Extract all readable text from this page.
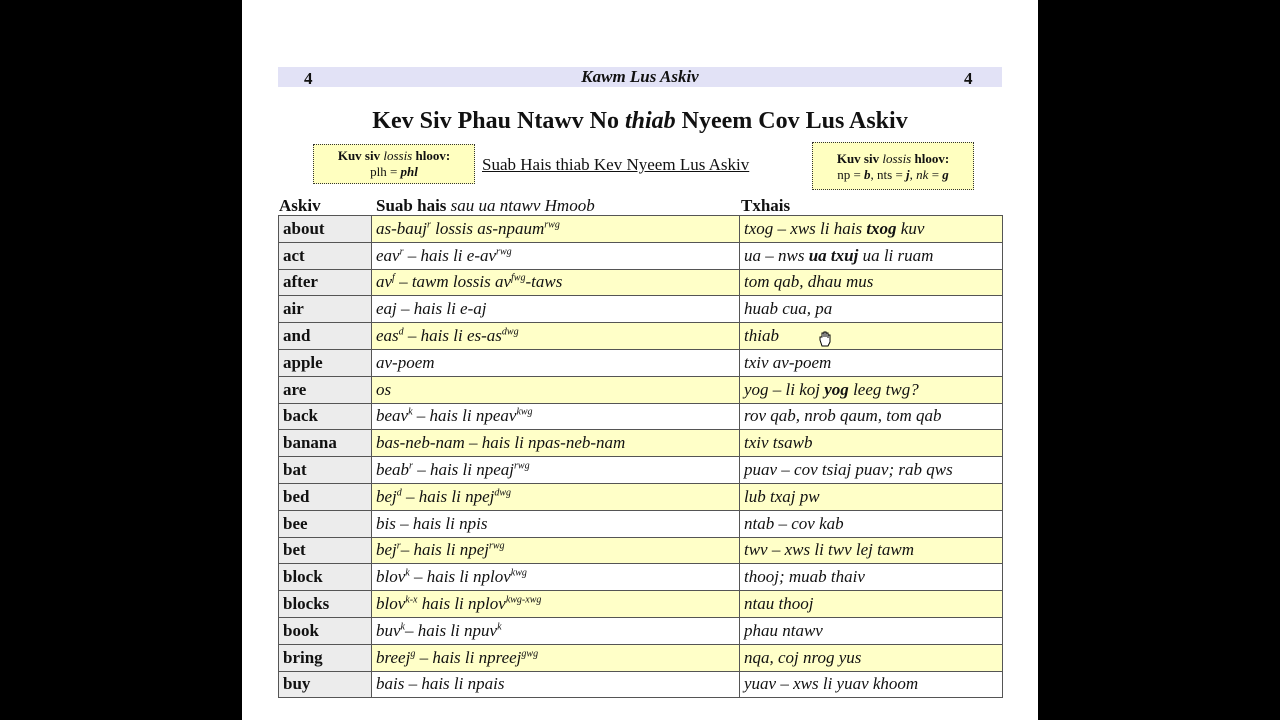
4	Kawm Lus Askiv	4
Kev Siv Phau Ntawv No thiab Nyeem Cov Lus Askiv
Kuv siv lossis hloov:
plh = phl	Suab Hais thiab Kev Nyeem Lus Askiv	Kuv siv lossis hloov:
np = b, nts = j, nk = g
Askiv	Suab hais sau ua ntawv Hmoob	Txhais
about	as-bauj$^r$ lossis as-npaum$^{rwg}$	txog – xws li hais txog kuv
act	eav$^r$ – hais li $e-av^{rwg}$	ua – nws ua txuj ua li ruam
after	$av^f$ – tawm lossis $av^{fwg}$-taws	tom qab, dhau mus
air	eaj – hais li e-aj	huab cua, pa
and	eas$^d$ – hais li $es-as^{dwg}$	thiab
apple	av-poem	txiv av-poem
are	os	yog – li koj yog leeg twg?
back	beav$^k$ – hais li npeav$^{kwg}$	rov qab, nrob qaum, tom qab
banana	bas-neb-nam – hais li npas-neb-nam	txiv tsawb
bat	beab$^r$ – hais li npeaj$^{rwg}$	puav – cov tsiaj puav; rab qws
bed	bej$^d$ – hais li npej$^{dwg}$	lub txaj pw
bee	bis – hais li npis	ntab – cov kab
bet	bej$^r$– hais li npej$^{rwg}$	twv – xws li twv lej tawm
block	blov$^k$ – hais li nplov$^{kwg}$	thooj; muab thaiv
blocks	blov$^{k-x}$ hais li nplov$^{kwg-xwg}$	ntau thooj
book	buv$^k$– hais li npuv$^k$	phau ntawv
bring	breej$^g$ – hais li npreej$^{gwg}$	nqa, coj nrog yus
buy	bais – hais li npais	yuav – xws li yuav khoom
